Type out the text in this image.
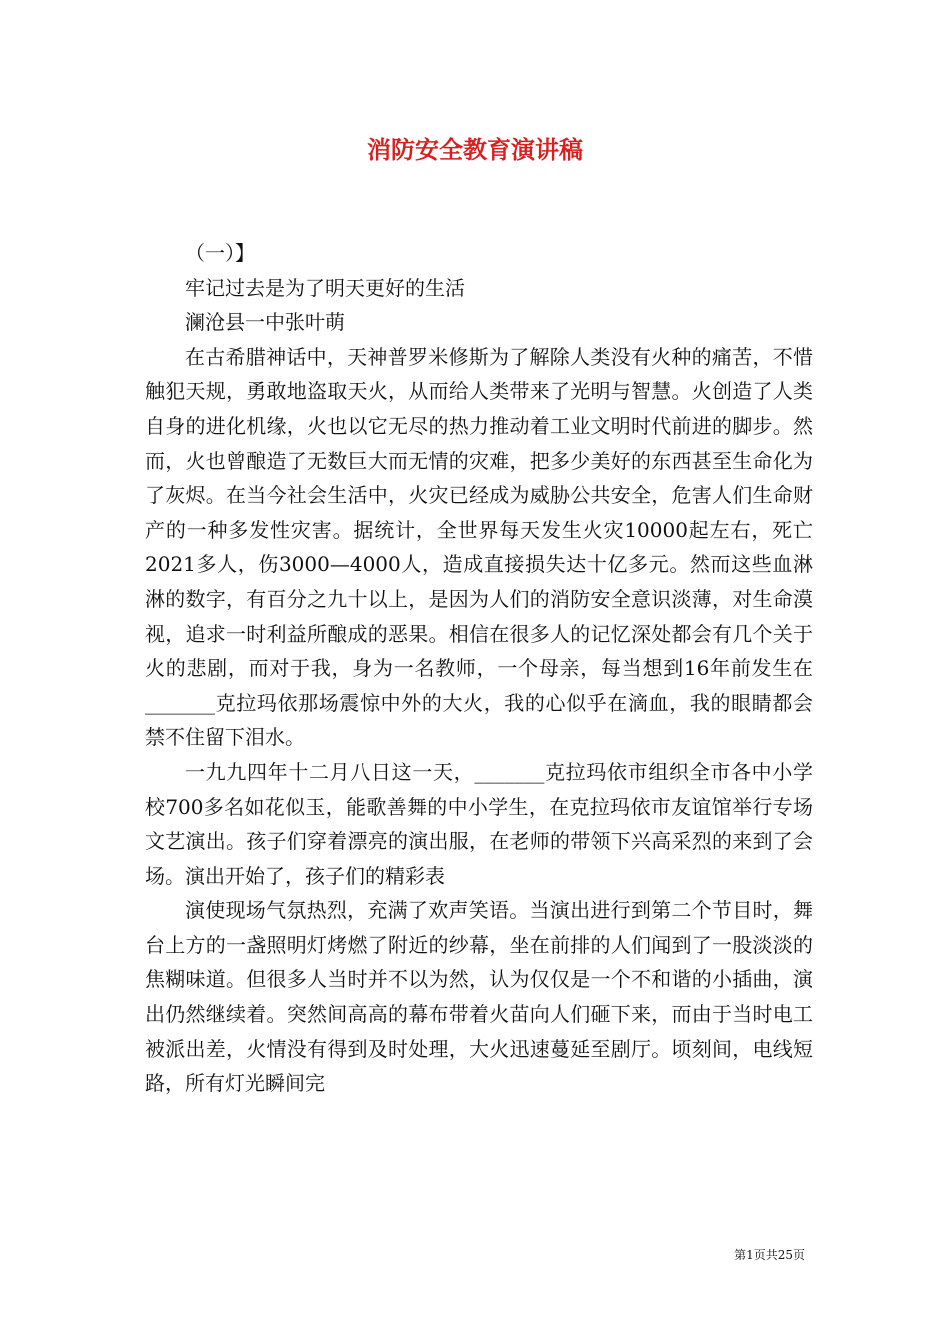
消防安全教育演讲稿

（一）】

牢记过去是为了明天更好的生活

澜沧县一中张叶萌

在古希腊神话中，天神普罗米修斯为了解除人类没有火种的痛苦，不惜触犯天规，勇敢地盗取天火，从而给人类带来了光明与智慧。火创造了人类自身的进化机缘，火也以它无尽的热力推动着工业文明时代前进的脚步。然而，火也曾酿造了无数巨大而无情的灾难，把多少美好的东西甚至生命化为了灰烬。在当今社会生活中，火灾已经成为威胁公共安全，危害人们生命财产的一种多发性灾害。据统计，全世界每天发生火灾10000起左右，死亡2021多人，伤3000—4000人，造成直接损失达十亿多元。然而这些血淋淋的数字，有百分之九十以上，是因为人们的消防安全意识淡薄，对生命漠视，追求一时利益所酿成的恶果。相信在很多人的记忆深处都会有几个关于火的悲剧，而对于我，身为一名教师，一个母亲，每当想到16年前发生在_______克拉玛依那场震惊中外的大火，我的心似乎在滴血，我的眼睛都会禁不住留下泪水。

一九九四年十二月八日这一天，_______克拉玛依市组织全市各中小学校700多名如花似玉，能歌善舞的中小学生，在克拉玛依市友谊馆举行专场文艺演出。孩子们穿着漂亮的演出服，在老师的带领下兴高采烈的来到了会场。演出开始了，孩子们的精彩表

演使现场气氛热烈，充满了欢声笑语。当演出进行到第二个节目时，舞台上方的一盏照明灯烤燃了附近的纱幕，坐在前排的人们闻到了一股淡淡的焦糊味道。但很多人当时并不以为然，认为仅仅是一个不和谐的小插曲，演出仍然继续着。突然间高高的幕布带着火苗向人们砸下来，而由于当时电工被派出差，火情没有得到及时处理，大火迅速蔓延至剧厅。顷刻间，电线短路，所有灯光瞬间完

第1页共25页
